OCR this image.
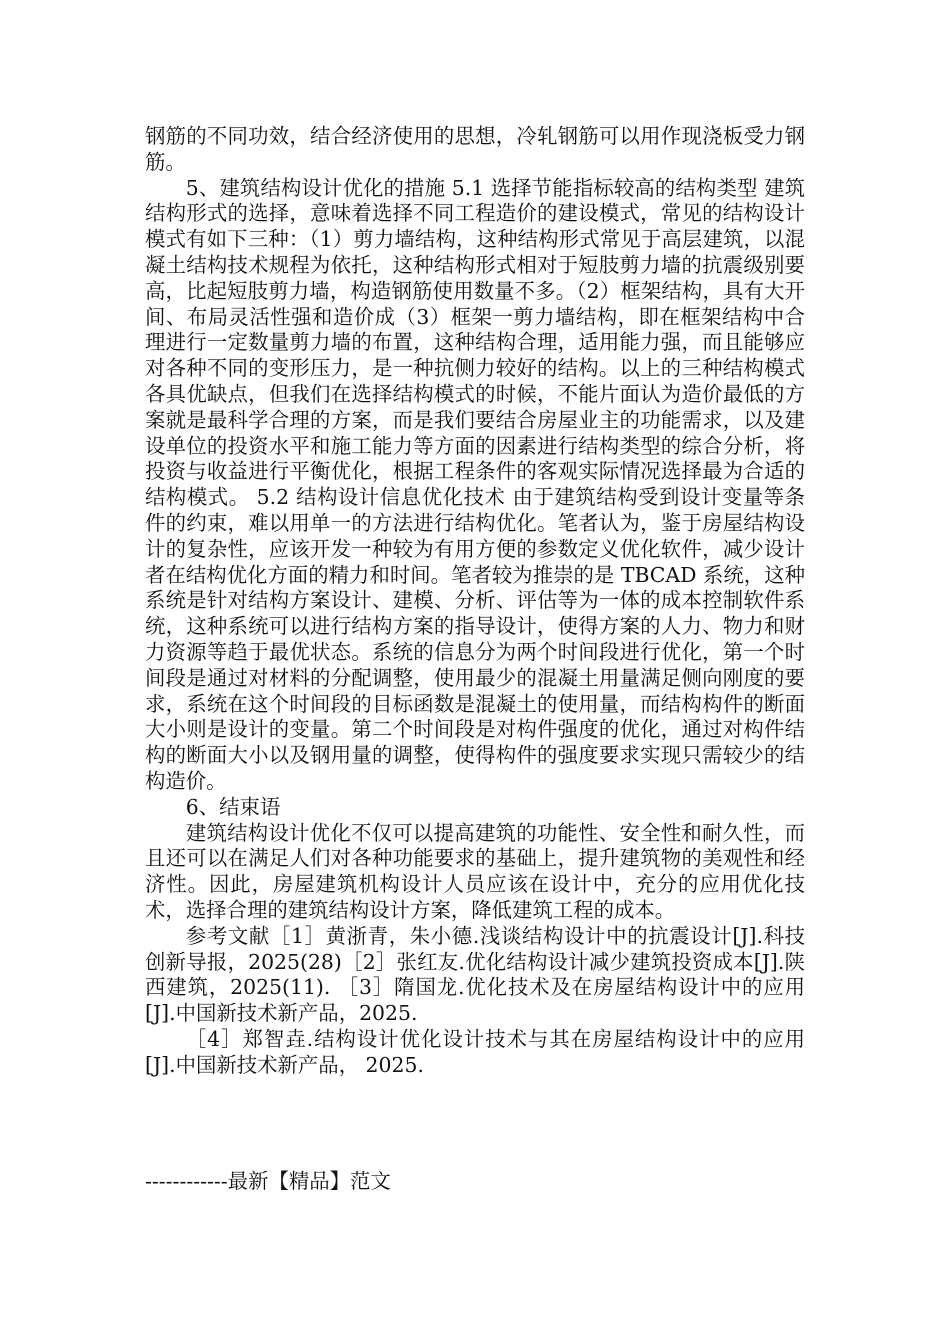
钢筋的不同功效，结合经济使用的思想，冷轧钢筋可以用作现浇板受力钢筋。

5、建筑结构设计优化的措施 5.1 选择节能指标较高的结构类型 建筑结构形式的选择，意味着选择不同工程造价的建设模式，常见的结构设计模式有如下三种：（1）剪力墙结构，这种结构形式常见于高层建筑，以混凝土结构技术规程为依托，这种结构形式相对于短肢剪力墙的抗震级别要高，比起短肢剪力墙，构造钢筋使用数量不多。（2）框架结构，具有大开间、布局灵活性强和造价成（3）框架一剪力墙结构，即在框架结构中合理进行一定数量剪力墙的布置，这种结构合理，适用能力强，而且能够应对各种不同的变形压力，是一种抗侧力较好的结构。以上的三种结构模式各具优缺点，但我们在选择结构模式的时候，不能片面认为造价最低的方案就是最科学合理的方案，而是我们要结合房屋业主的功能需求，以及建设单位的投资水平和施工能力等方面的因素进行结构类型的综合分析，将投资与收益进行平衡优化，根据工程条件的客观实际情况选择最为合适的结构模式。 5.2 结构设计信息优化技术 由于建筑结构受到设计变量等条件的约束，难以用单一的方法进行结构优化。笔者认为，鉴于房屋结构设计的复杂性，应该开发一种较为有用方便的参数定义优化软件，减少设计者在结构优化方面的精力和时间。笔者较为推崇的是 TBCAD 系统，这种系统是针对结构方案设计、建模、分析、评估等为一体的成本控制软件系统，这种系统可以进行结构方案的指导设计，使得方案的人力、物力和财力资源等趋于最优状态。系统的信息分为两个时间段进行优化，第一个时间段是通过对材料的分配调整，使用最少的混凝土用量满足侧向刚度的要求，系统在这个时间段的目标函数是混凝土的使用量，而结构构件的断面大小则是设计的变量。第二个时间段是对构件强度的优化，通过对构件结构的断面大小以及钢用量的调整，使得构件的强度要求实现只需较少的结构造价。

6、结束语

建筑结构设计优化不仅可以提高建筑的功能性、安全性和耐久性，而且还可以在满足人们对各种功能要求的基础上，提升建筑物的美观性和经济性。因此，房屋建筑机构设计人员应该在设计中，充分的应用优化技术，选择合理的建筑结构设计方案，降低建筑工程的成本。

参考文献［1］黄浙青，朱小德.浅谈结构设计中的抗震设计[J].科技创新导报，2025(28)［2］张红友.优化结构设计减少建筑投资成本[J].陕西建筑，2025(11). ［3］隋国龙.优化技术及在房屋结构设计中的应用[J].中国新技术新产品，2025.

［4］郑智垚.结构设计优化设计技术与其在房屋结构设计中的应用[J].中国新技术新产品， 2025.

------------最新【精品】范文
